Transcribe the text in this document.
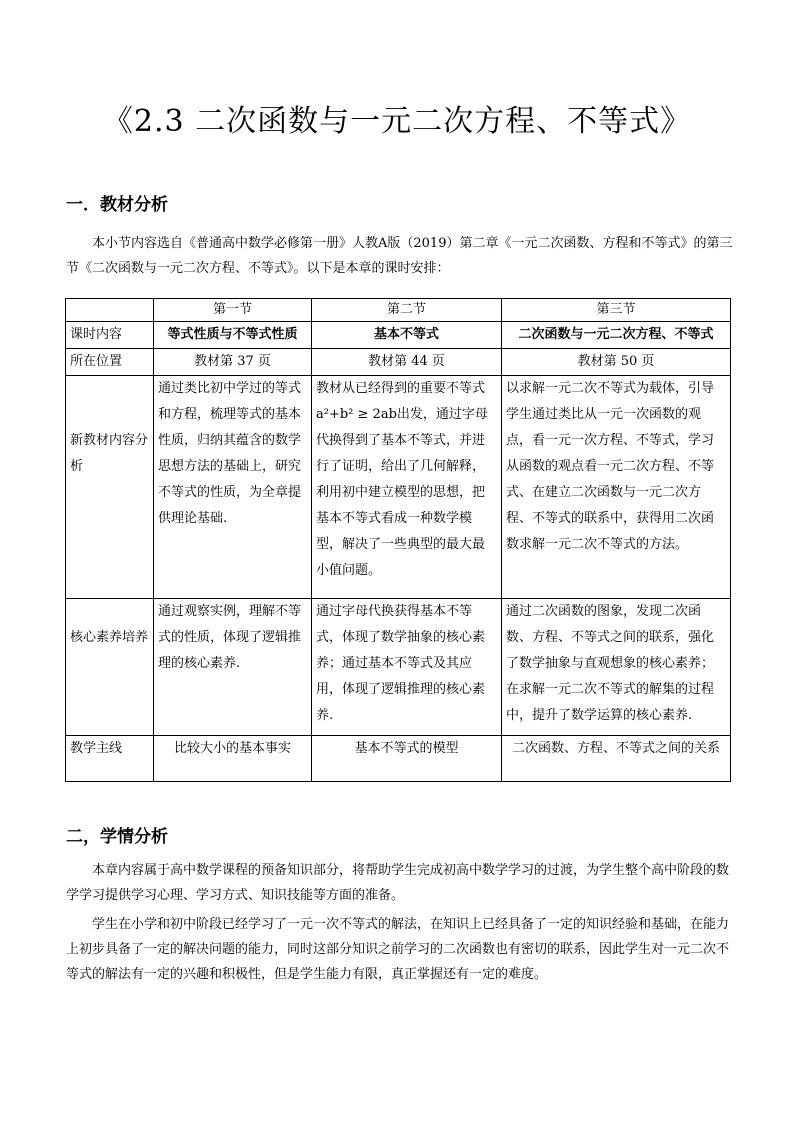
《2.3 二次函数与一元二次方程、不等式》
一．教材分析

本小节内容选自《普通高中数学必修第一册》人教A版（2019）第二章《一元二次函数、方程和不等式》的第三节《二次函数与一元二次方程、不等式》。以下是本章的课时安排：

	第一节	第二节	第三节
课时内容	等式性质与不等式性质	基本不等式	二次函数与一元二次方程、不等式
所在位置	教材第 37 页	教材第 44 页	教材第 50 页

新教材内容分析	通过类比初中学过的等式和方程，梳理等式的基本性质，归纳其蕴含的数学思想方法的基础上，研究不等式的性质，为全章提供理论基础.	教材从已经得到的重要不等式a²+b² ≥ 2ab出发，通过字母代换得到了基本不等式，并进行了证明，给出了几何解释，利用初中建立模型的思想，把基本不等式看成一种数学模型，解决了一些典型的最大最小值问题。	以求解一元二次不等式为载体，引导学生通过类比从一元一次函数的观点，看一元一次方程、不等式，学习从函数的观点看一元二次方程、不等式、在建立二次函数与一元二次方程、不等式的联系中，获得用二次函数求解一元二次不等式的方法。

核心素养培养	通过观察实例，理解不等式的性质，体现了逻辑推理的核心素养.	通过字母代换获得基本不等式，体现了数学抽象的核心素养；通过基本不等式及其应用，体现了逻辑推理的核心素养.	通过二次函数的图象，发现二次函数、方程、不等式之间的联系，强化了数学抽象与直观想象的核心素养；在求解一元二次不等式的解集的过程中，提升了数学运算的核心素养.
教学主线	比较大小的基本事实	基本不等式的模型	二次函数、方程、不等式之间的关系
二，学情分析

本章内容属于高中数学课程的预备知识部分，将帮助学生完成初高中数学学习的过渡，为学生整个高中阶段的数学学习提供学习心理、学习方式、知识技能等方面的准备。

学生在小学和初中阶段已经学习了一元一次不等式的解法，在知识上已经具备了一定的知识经验和基础，在能力上初步具备了一定的解决问题的能力，同时这部分知识之前学习的二次函数也有密切的联系，因此学生对一元二次不等式的解法有一定的兴趣和积极性，但是学生能力有限，真正掌握还有一定的难度。
